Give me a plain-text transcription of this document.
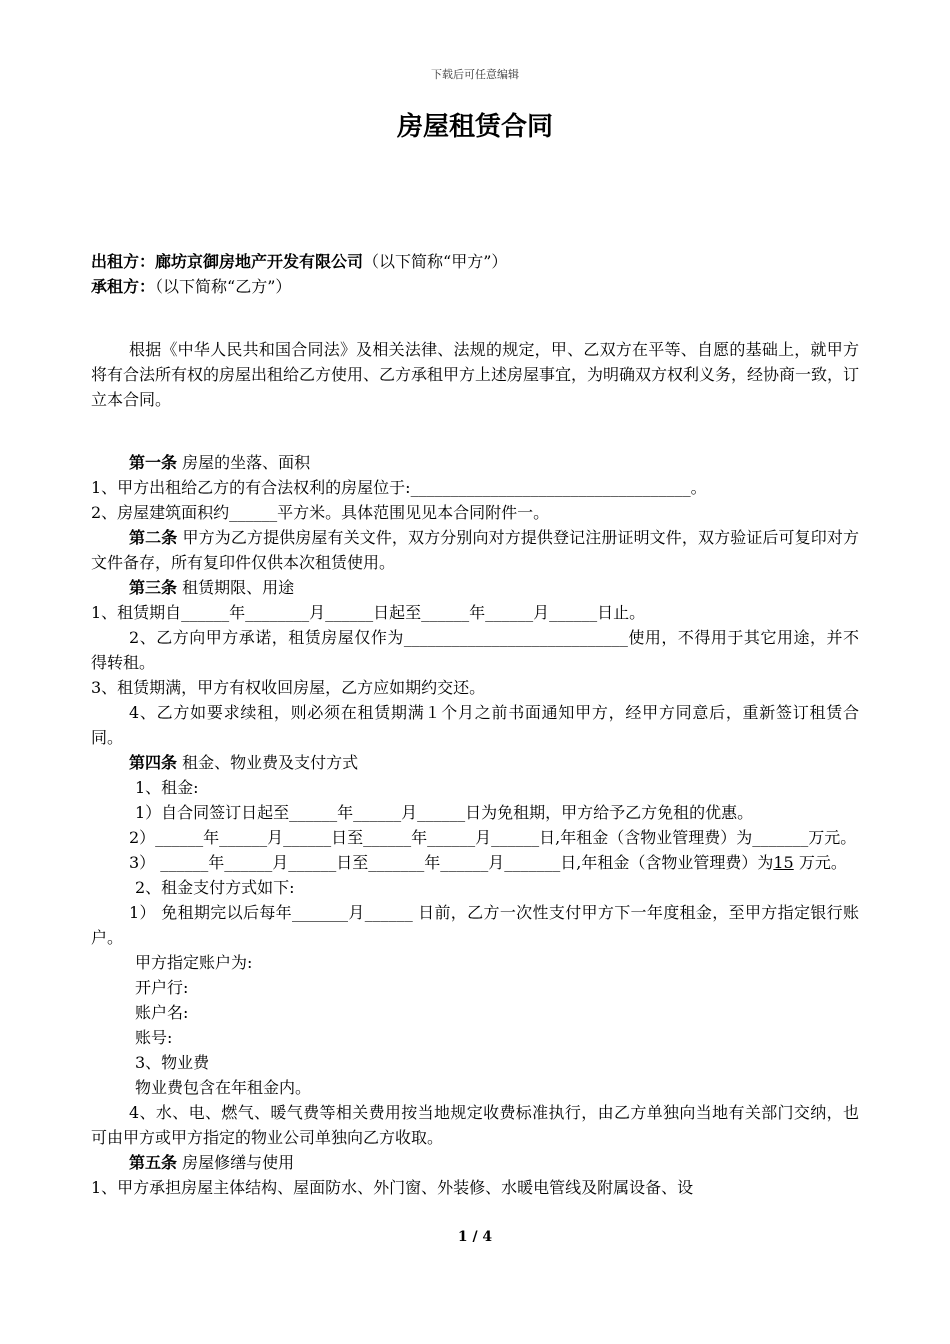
下载后可任意编辑
房屋租赁合同
出租方：廊坊京御房地产开发有限公司（以下简称“甲方”）
承租方：（以下简称“乙方”）
根据《中华人民共和国合同法》及相关法律、法规的规定，甲、乙双方在平等、自愿的基础上，就甲方将有合法所有权的房屋出租给乙方使用、乙方承租甲方上述房屋事宜，为明确双方权利义务，经协商一致，订立本合同。
第一条 房屋的坐落、面积
1、甲方出租给乙方的有合法权利的房屋位于:___________________________________。
2、房屋建筑面积约______平方米。具体范围见见本合同附件一。
第二条 甲方为乙方提供房屋有关文件，双方分别向对方提供登记注册证明文件，双方验证后可复印对方文件备存，所有复印件仅供本次租赁使用。
第三条 租赁期限、用途
1、租赁期自______年________月______日起至______年______月______日止。
2、乙方向甲方承诺，租赁房屋仅作为____________________________使用，不得用于其它用途，并不得转租。
3、租赁期满，甲方有权收回房屋，乙方应如期约交还。
4、乙方如要求续租，则必须在租赁期满１个月之前书面通知甲方，经甲方同意后，重新签订租赁合同。
第四条 租金、物业费及支付方式
1、租金:
1）自合同签订日起至______年______月______日为免租期，甲方给予乙方免租的优惠。
2）______年______月______日至______年______月______日,年租金（含物业管理费）为_______万元。
3） ______年______月______日至_______年______月_______日,年租金（含物业管理费）为15 万元。
2、租金支付方式如下:
1） 免租期完以后每年_______月______ 日前，乙方一次性支付甲方下一年度租金，至甲方指定银行账户。
甲方指定账户为:
开户行:
账户名:
账号:
3、物业费
物业费包含在年租金内。
4、水、电、燃气、暖气费等相关费用按当地规定收费标准执行，由乙方单独向当地有关部门交纳，也可由甲方或甲方指定的物业公司单独向乙方收取。
第五条 房屋修缮与使用
1、甲方承担房屋主体结构、屋面防水、外门窗、外装修、水暖电管线及附属设备、设
1 / 4
